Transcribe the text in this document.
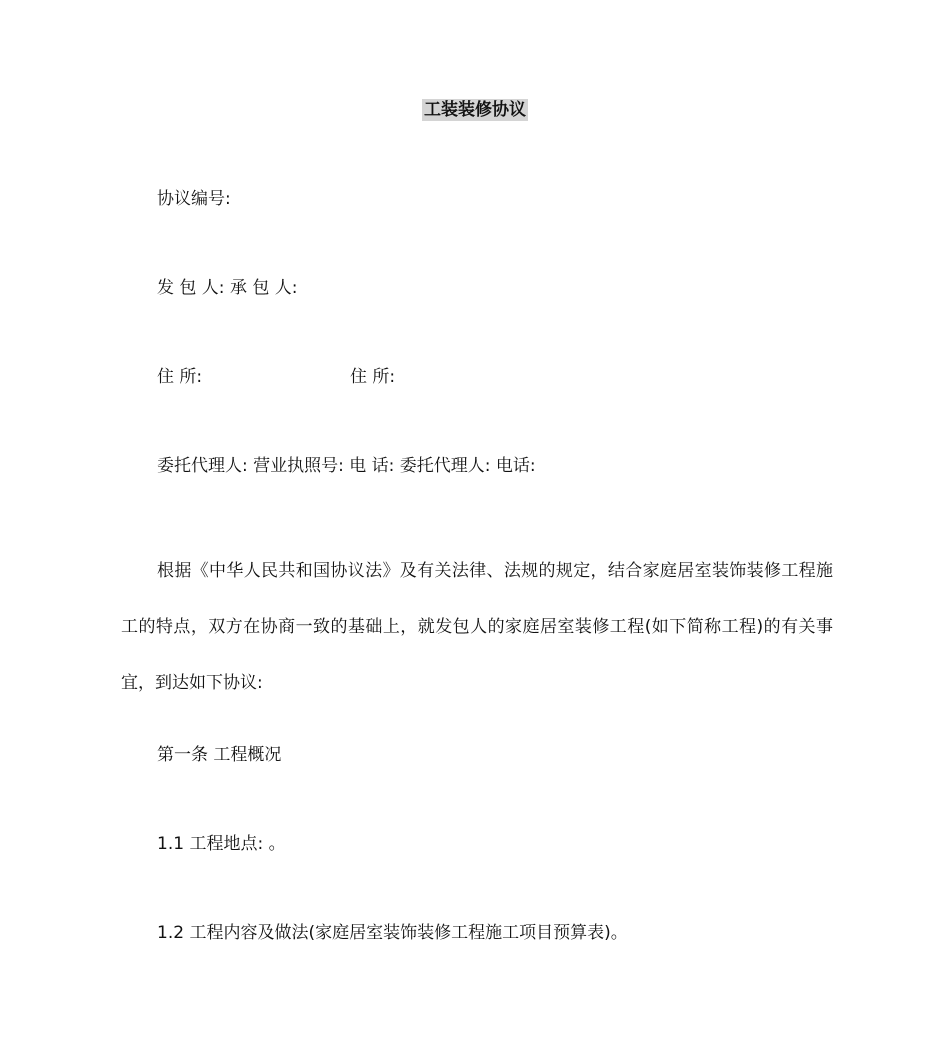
工装装修协议
协议编号:
发 包 人: 承 包 人:
住 所:	住 所:
委托代理人: 营业执照号: 电 话: 委托代理人: 电话:
根据《中华人民共和国协议法》及有关法律、法规的规定，结合家庭居室装饰装修工程施工的特点，双方在协商一致的基础上，就发包人的家庭居室装修工程(如下简称工程)的有关事宜，到达如下协议:
第一条 工程概况
1.1 工程地点: 。
1.2 工程内容及做法(家庭居室装饰装修工程施工项目预算表)。
